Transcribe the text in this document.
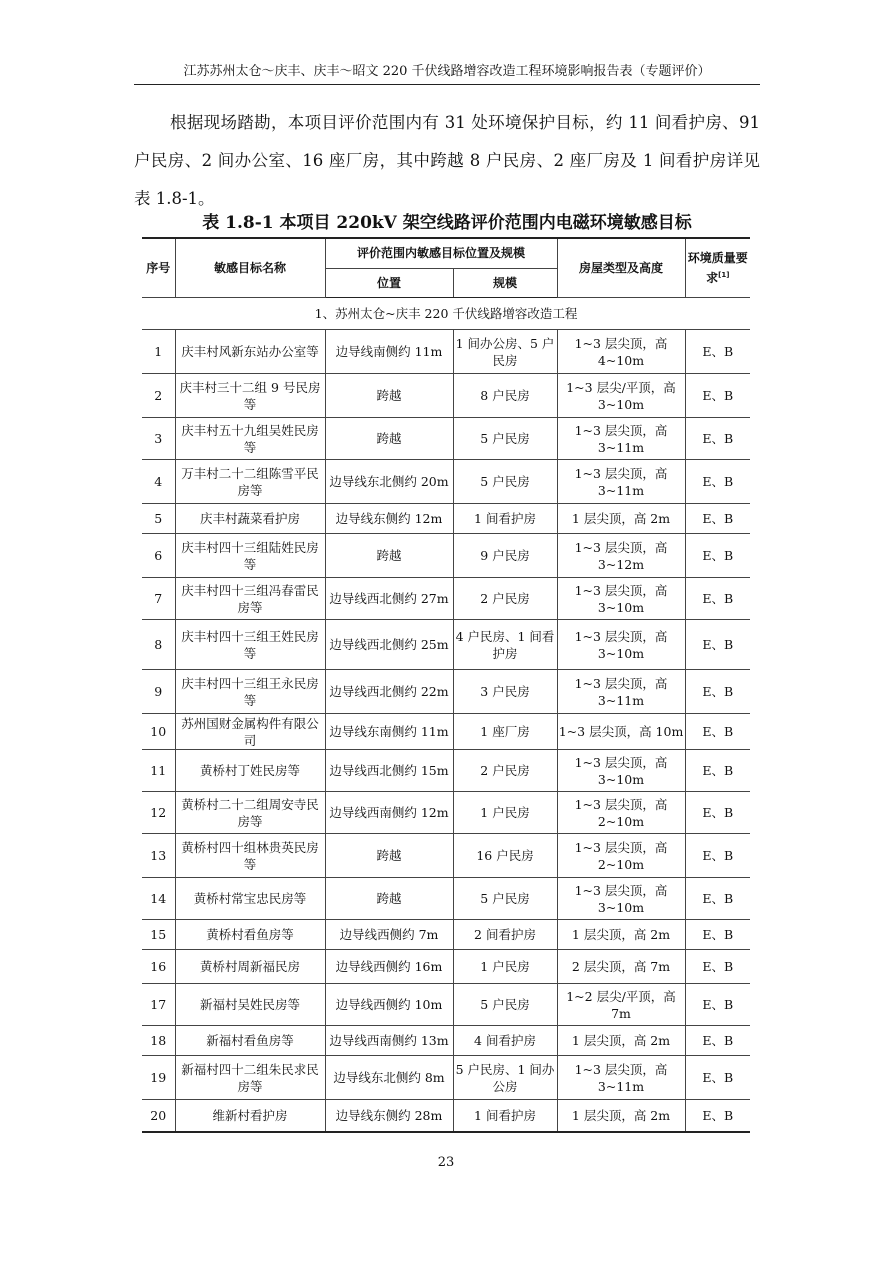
江苏苏州太仓～庆丰、庆丰～昭文 220 千伏线路增容改造工程环境影响报告表（专题评价）

根据现场踏勘，本项目评价范围内有 31 处环境保护目标，约 11 间看护房、91 户民房、2 间办公室、16 座厂房，其中跨越 8 户民房、2 座厂房及 1 间看护房详见表 1.8-1。

表 1.8-1 本项目 220kV 架空线路评价范围内电磁环境敏感目标
序号	敏感目标名称	评价范围内敏感目标位置及规模		房屋类型及高度	环境质量要求[1]
		位置	规模		
1、苏州太仓~庆丰 220 千伏线路增容改造工程					
1	庆丰村风新东站办公室等	边导线南侧约 11m	1 间办公房、5 户民房	1~3 层尖顶，高 4~10m	E、B
2	庆丰村三十二组 9 号民房等	跨越	8 户民房	1~3 层尖/平顶，高 3~10m	E、B
3	庆丰村五十九组吴姓民房等	跨越	5 户民房	1~3 层尖顶，高 3~11m	E、B
4	万丰村二十二组陈雪平民房等	边导线东北侧约 20m	5 户民房	1~3 层尖顶，高 3~11m	E、B
5	庆丰村蔬菜看护房	边导线东侧约 12m	1 间看护房	1 层尖顶，高 2m	E、B
6	庆丰村四十三组陆姓民房等	跨越	9 户民房	1~3 层尖顶，高 3~12m	E、B
7	庆丰村四十三组冯春雷民房等	边导线西北侧约 27m	2 户民房	1~3 层尖顶，高 3~10m	E、B
8	庆丰村四十三组王姓民房等	边导线西北侧约 25m	4 户民房、1 间看护房	1~3 层尖顶，高 3~10m	E、B
9	庆丰村四十三组王永民房等	边导线西北侧约 22m	3 户民房	1~3 层尖顶，高 3~11m	E、B
10	苏州国财金属构件有限公司	边导线东南侧约 11m	1 座厂房	1~3 层尖顶，高 10m	E、B
11	黄桥村丁姓民房等	边导线西北侧约 15m	2 户民房	1~3 层尖顶，高 3~10m	E、B
12	黄桥村二十二组周安寺民房等	边导线西南侧约 12m	1 户民房	1~3 层尖顶，高 2~10m	E、B
13	黄桥村四十组林贵英民房等	跨越	16 户民房	1~3 层尖顶，高 2~10m	E、B
14	黄桥村常宝忠民房等	跨越	5 户民房	1~3 层尖顶，高 3~10m	E、B
15	黄桥村看鱼房等	边导线西侧约 7m	2 间看护房	1 层尖顶，高 2m	E、B
16	黄桥村周新福民房	边导线西侧约 16m	1 户民房	2 层尖顶，高 7m	E、B
17	新福村吴姓民房等	边导线西侧约 10m	5 户民房	1~2 层尖/平顶，高 7m	E、B
18	新福村看鱼房等	边导线西南侧约 13m	4 间看护房	1 层尖顶，高 2m	E、B
19	新福村四十二组朱民求民房等	边导线东北侧约 8m	5 户民房、1 间办公房	1~3 层尖顶，高 3~11m	E、B
20	维新村看护房	边导线东侧约 28m	1 间看护房	1 层尖顶，高 2m	E、B
23
